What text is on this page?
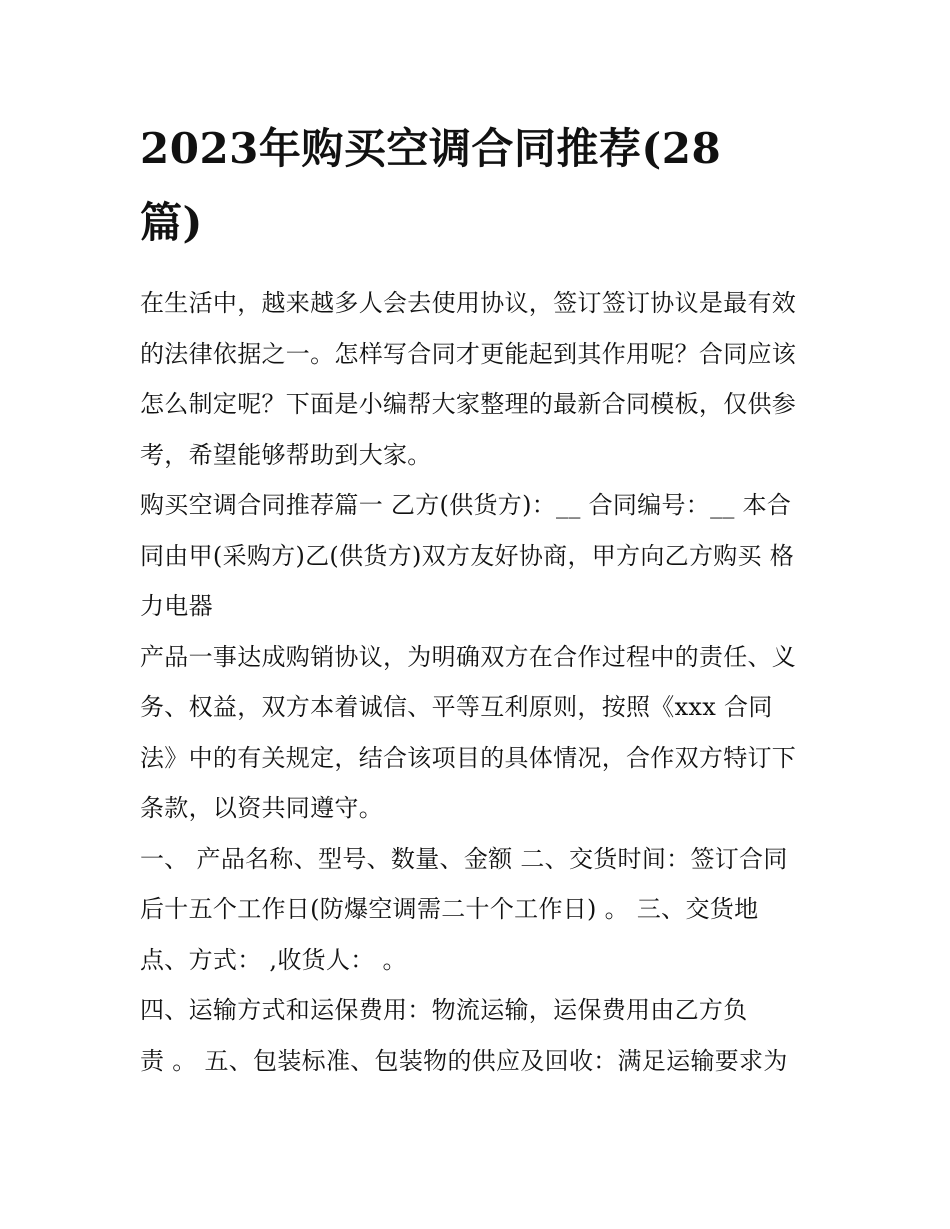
2023年购买空调合同推荐(28
篇)

在生活中，越来越多人会去使用协议，签订签订协议是最有效
的法律依据之一。怎样写合同才更能起到其作用呢？合同应该
怎么制定呢？下面是小编帮大家整理的最新合同模板，仅供参
考，希望能够帮助到大家。

购买空调合同推荐篇一 乙方(供货方)：__ 合同编号：__ 本合
同由甲(采购方)乙(供货方)双方友好协商，甲方向乙方购买 格
力电器

产品一事达成购销协议，为明确双方在合作过程中的责任、义
务、权益，双方本着诚信、平等互利原则，按照《xxx 合同
法》中的有关规定，结合该项目的具体情况，合作双方特订下
条款，以资共同遵守。

一、 产品名称、型号、数量、金额 二、交货时间：签订合同
后十五个工作日(防爆空调需二十个工作日) 。 三、交货地
点、方式： ,收货人： 。

四、运输方式和运保费用：物流运输，运保费用由乙方负
责 。 五、包装标准、包装物的供应及回收：满足运输要求为
